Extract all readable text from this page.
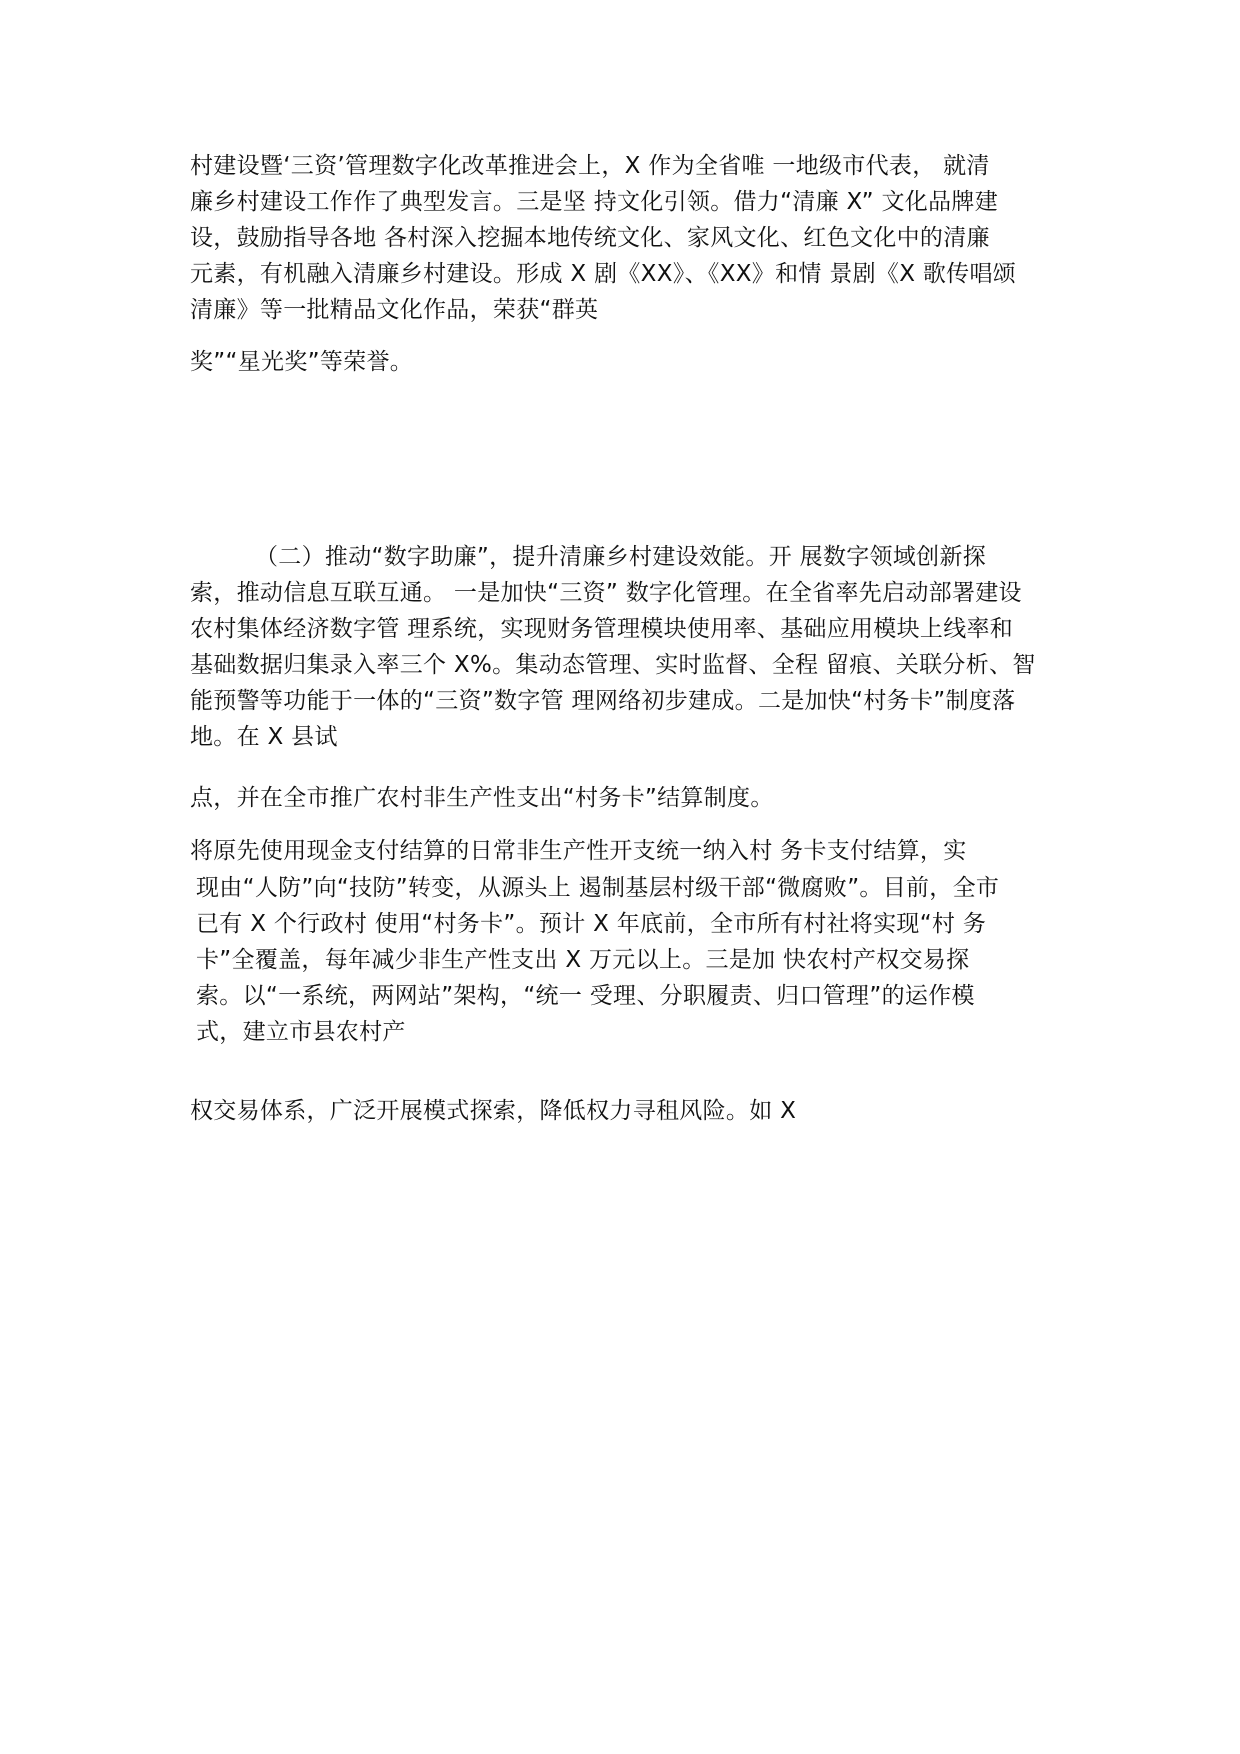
村建设暨‘三资’管理数字化改革推进会上，X 作为全省唯 一地级市代表， 就清

廉乡村建设工作作了典型发言。三是坚 持文化引领。借力“清廉 X” 文化品牌建

设，鼓励指导各地 各村深入挖掘本地传统文化、家风文化、红色文化中的清廉

元素，有机融入清廉乡村建设。形成 X 剧《XX》、《XX》和情 景剧《X 歌传唱颂

清廉》等一批精品文化作品，荣获“群英

奖”“星光奖”等荣誉。

（二）推动“数字助廉”，提升清廉乡村建设效能。开 展数字领域创新探

索，推动信息互联互通。 一是加快“三资” 数字化管理。在全省率先启动部署建设

农村集体经济数字管 理系统，实现财务管理模块使用率、基础应用模块上线率和

基础数据归集录入率三个 X%。集动态管理、实时监督、全程 留痕、关联分析、智

能预警等功能于一体的“三资”数字管 理网络初步建成。二是加快“村务卡”制度落

地。在 X 县试

点，并在全市推广农村非生产性支出“村务卡”结算制度。

将原先使用现金支付结算的日常非生产性开支统一纳入村 务卡支付结算，实

现由“人防”向“技防”转变，从源头上 遏制基层村级干部“微腐败”。目前，全市

已有 X 个行政村 使用“村务卡”。预计 X 年底前，全市所有村社将实现“村 务

卡”全覆盖，每年减少非生产性支出 X 万元以上。三是加 快农村产权交易探

索。以“一系统，两网站”架构，“统一 受理、分职履责、归口管理”的运作模

式，建立市县农村产

权交易体系，广泛开展模式探索，降低权力寻租风险。如 X
